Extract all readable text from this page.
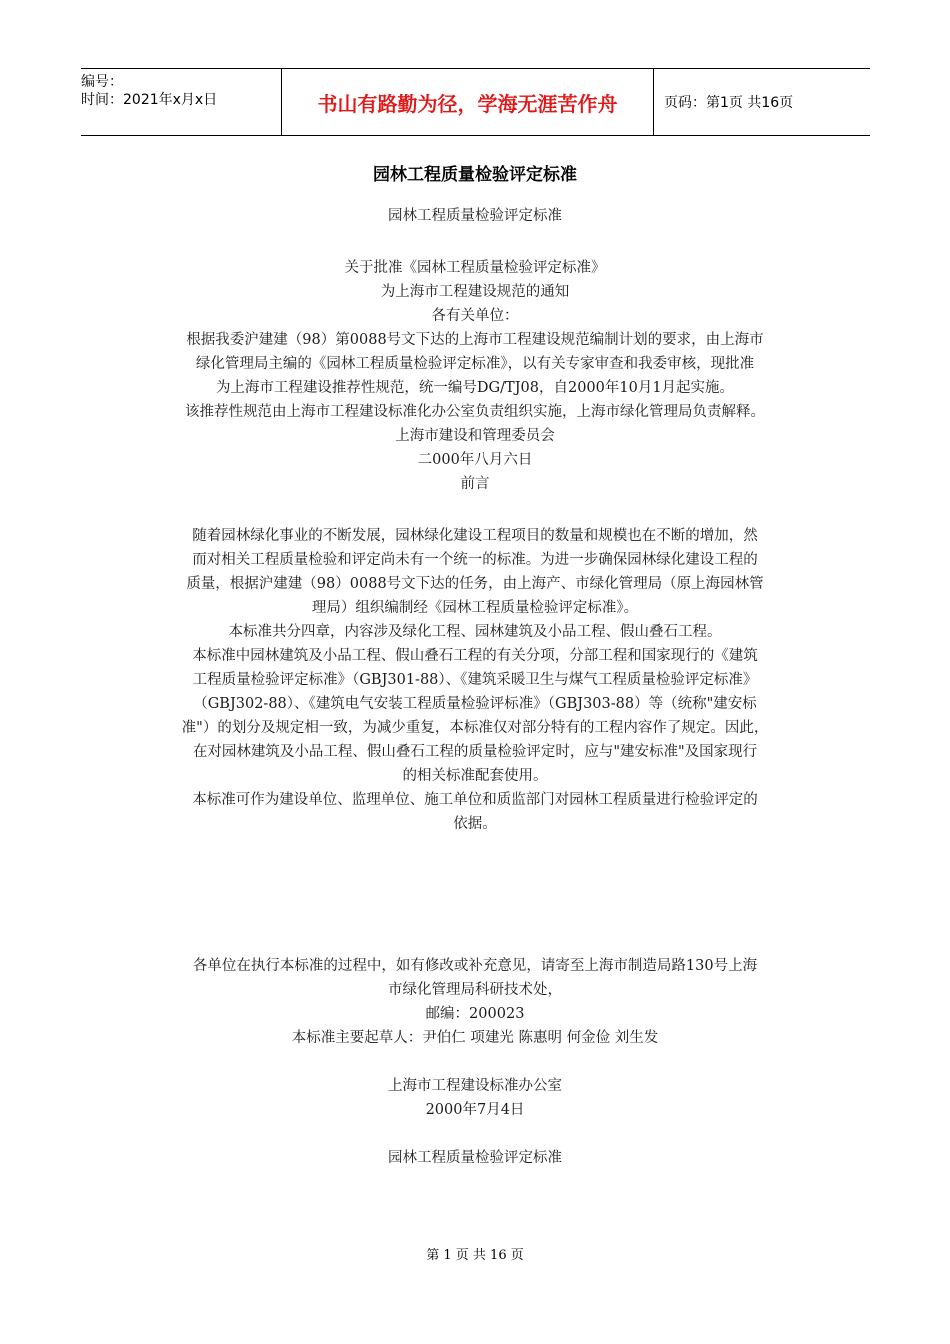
编号：
时间：2021年x月x日	书山有路勤为径，学海无涯苦作舟	页码：第1页 共16页
园林工程质量检验评定标准

园林工程质量检验评定标准

关于批准《园林工程质量检验评定标准》

为上海市工程建设规范的通知

各有关单位：

根据我委沪建建（98）第0088号文下达的上海市工程建设规范编制计划的要求，由上海市

绿化管理局主编的《园林工程质量检验评定标准》，以有关专家审查和我委审核，现批准

为上海市工程建设推荐性规范，统一编号DG/TJ08，自2000年10月1月起实施。

该推荐性规范由上海市工程建设标准化办公室负责组织实施，上海市绿化管理局负责解释。

上海市建设和管理委员会

二000年八月六日

前言

随着园林绿化事业的不断发展，园林绿化建设工程项目的数量和规模也在不断的增加，然

而对相关工程质量检验和评定尚未有一个统一的标准。为进一步确保园林绿化建设工程的

质量，根据沪建建（98）0088号文下达的任务，由上海产、市绿化管理局（原上海园林管

理局）组织编制经《园林工程质量检验评定标准》。

本标准共分四章，内容涉及绿化工程、园林建筑及小品工程、假山叠石工程。

本标准中园林建筑及小品工程、假山叠石工程的有关分项，分部工程和国家现行的《建筑

工程质量检验评定标准》（GBJ301-88）、《建筑采暖卫生与煤气工程质量检验评定标准》

（GBJ302-88）、《建筑电气安装工程质量检验评标准》（GBJ303-88）等（统称"建安标

准"）的划分及规定相一致，为减少重复，本标准仅对部分特有的工程内容作了规定。因此，

在对园林建筑及小品工程、假山叠石工程的质量检验评定时，应与"建安标准"及国家现行

的相关标准配套使用。

本标准可作为建设单位、监理单位、施工单位和质监部门对园林工程质量进行检验评定的

依据。

各单位在执行本标准的过程中，如有修改或补充意见，请寄至上海市制造局路130号上海

市绿化管理局科研技术处，

邮编：200023

本标准主要起草人：尹伯仁 项建光 陈惠明 何金俭 刘生发

上海市工程建设标准办公室

2000年7月4日

园林工程质量检验评定标准

第 1 页 共 16 页
